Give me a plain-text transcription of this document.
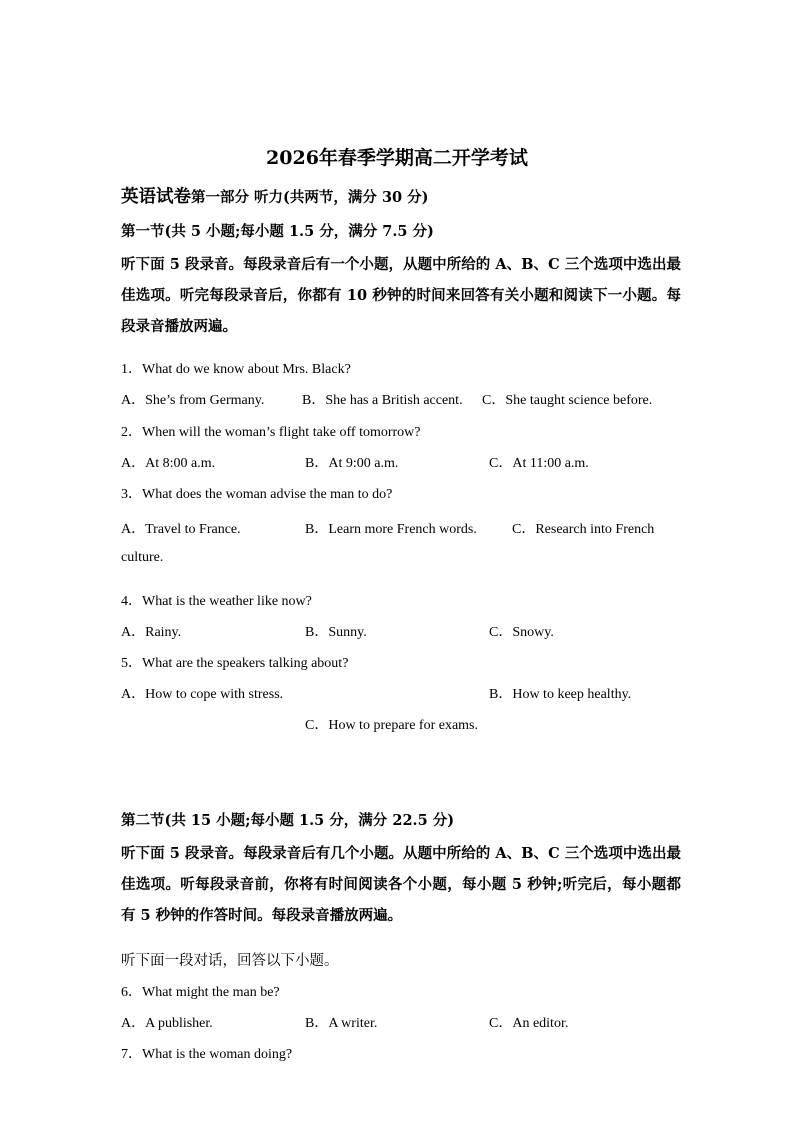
2026年春季学期高二开学考试
英语试卷第一部分 听力(共两节，满分 30 分)
第一节(共 5 小题;每小题 1.5 分，满分 7.5 分)
听下面 5 段录音。每段录音后有一个小题，从题中所给的 A、B、C 三个选项中选出最佳选项。听完每段录音后，你都有 10 秒钟的时间来回答有关小题和阅读下一小题。每段录音播放两遍。
1．What do we know about Mrs. Black?
A．She’s from Germany.	B．She has a British accent. C．She taught science before.
2．When will the woman’s flight take off tomorrow?
A．At 8:00 a.m.	B．At 9:00 a.m.	C．At 11:00 a.m.
3．What does the woman advise the man to do?
A．Travel to France.	B．Learn more French words.	C．Research into French
culture.
4．What is the weather like now?
A．Rainy.	B．Sunny.	C．Snowy.
5．What are the speakers talking about?
A．How to cope with stress.	B．How to keep healthy.
C．How to prepare for exams.
第二节(共 15 小题;每小题 1.5 分，满分 22.5 分)
听下面 5 段录音。每段录音后有几个小题。从题中所给的 A、B、C 三个选项中选出最佳选项。听每段录音前，你将有时间阅读各个小题，每小题 5 秒钟;听完后，每小题都有 5 秒钟的作答时间。每段录音播放两遍。
听下面一段对话，回答以下小题。
6．What might the man be?
A．A publisher.	B．A writer.	C．An editor.
7．What is the woman doing?
